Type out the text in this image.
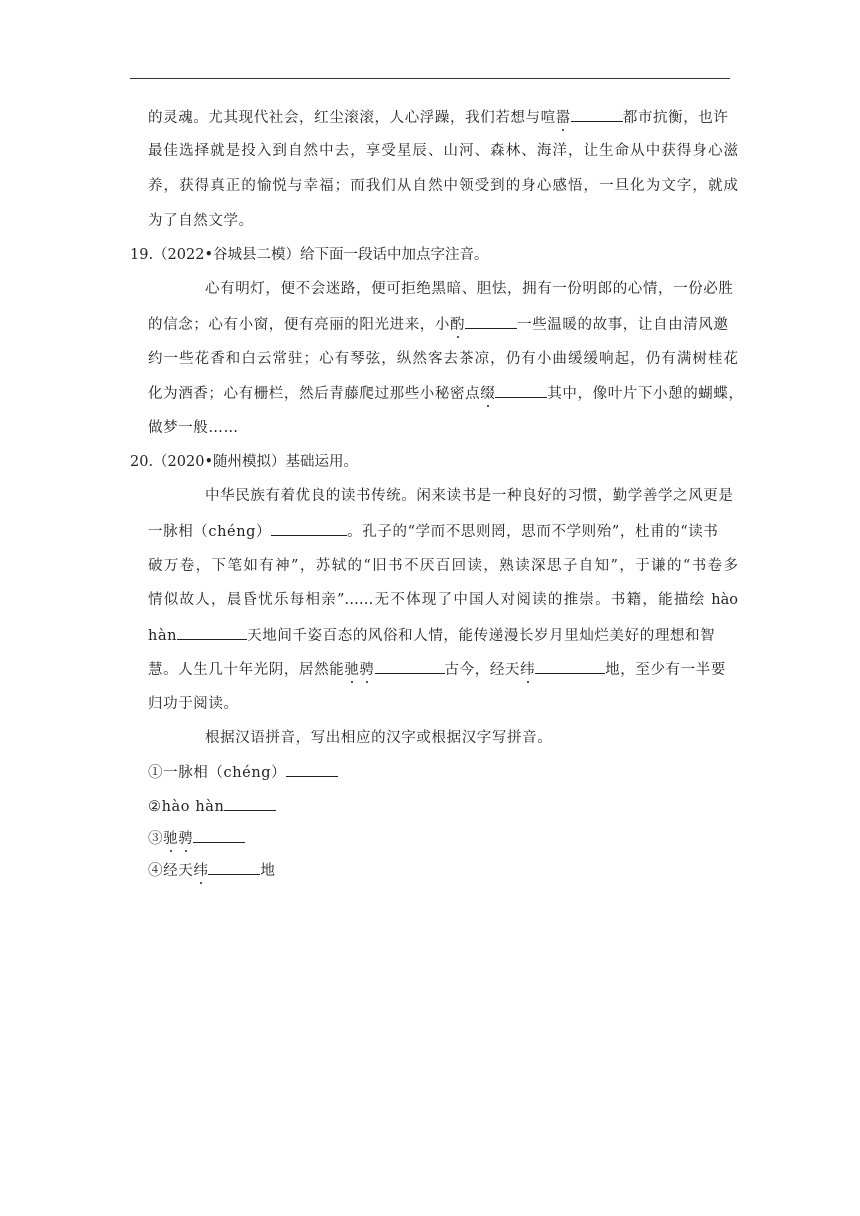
的灵魂。尤其现代社会，红尘滚滚，人心浮躁，我们若想与喧嚣	都市抗衡，也许
最佳选择就是投入到自然中去，享受星辰、山河、森林、海洋，让生命从中获得身心滋
养，获得真正的愉悦与幸福；而我们从自然中领受到的身心感悟，一旦化为文字，就成
为了自然文学。
19.（2022•谷城县二模）给下面一段话中加点字注音。
心有明灯，便不会迷路，便可拒绝黑暗、胆怯，拥有一份明郎的心情，一份必胜
的信念；心有小窗，便有亮丽的阳光进来，小酌	一些温暖的故事，让自由清风邀
约一些花香和白云常驻；心有琴弦，纵然客去茶凉，仍有小曲缓缓响起，仍有满树桂花
化为酒香；心有栅栏，然后青藤爬过那些小秘密点缀	其中，像叶片下小憩的蝴蝶，
做梦一般……
20.（2020•随州模拟）基础运用。
中华民族有着优良的读书传统。闲来读书是一种良好的习惯，勤学善学之风更是
一脉相（chéng）	。孔子的“学而不思则罔，思而不学则殆”，杜甫的“读书
破万卷，下笔如有神”，苏轼的“旧书不厌百回读，熟读深思子自知”，于谦的“书卷多
情似故人，晨昏忧乐每相亲”……无不体现了中国人对阅读的推崇。书籍，能描绘 hào
hàn	天地间千姿百态的风俗和人情，能传递漫长岁月里灿烂美好的理想和智
慧。人生几十年光阴，居然能驰骋	古今，经天纬	地，至少有一半要
归功于阅读。
根据汉语拼音，写出相应的汉字或根据汉字写拼音。
①一脉相（chéng）
②hào hàn
③驰骋
④经天纬	地
